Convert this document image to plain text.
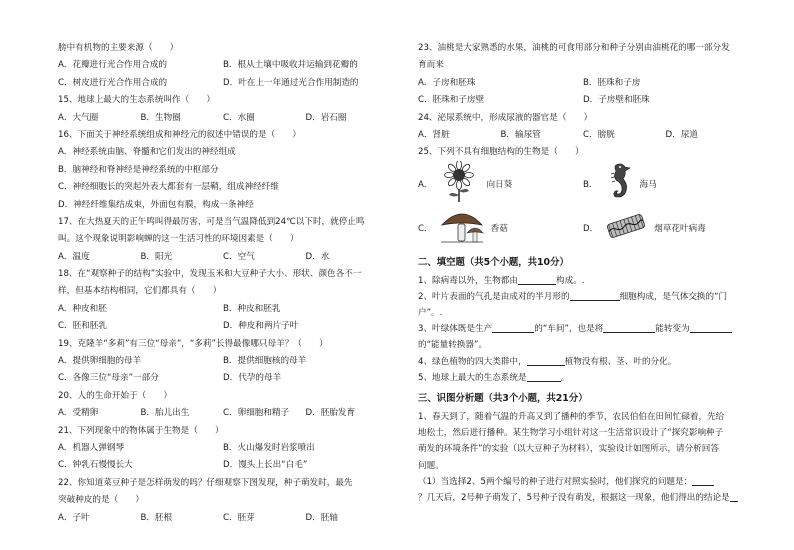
膀中有机物的主要来源（　　）
A．花瓣进行光合作用合成的	B．根从土壤中吸收并运输到花瓣的
C．树皮进行光合作用合成的	D．叶在上一年通过光合作用制造的
15、地球上最大的生态系统叫作（　　）
A．大气圈	B．生物圈	C．水圈	D．岩石圈
16、下面关于神经系统组成和神经元的叙述中错误的是（　　）
A．神经系统由脑、脊髓和它们发出的神经组成
B．脑神经和脊神经是神经系统的中枢部分
C．神经细胞长的突起外表大都套有一层鞘，组成神经纤维
D．神经纤维集结成束，外面包有膜，构成一条神经
17、在大热夏天的正午鸣叫得最厉害，可是当气温降低到24℃以下时，就停止鸣
叫。这个现象说明影响蝉的这一生活习性的环境因素是（　　）
A．温度	B．阳光	C．空气	D．水
18、在“观察种子的结构”实验中，发现玉米和大豆种子大小、形状、颜色各不一
样，但基本结构相同，它们都具有（　　）
A．种皮和胚	B．种皮和胚乳
C．胚和胚乳	D．种皮和两片子叶
19、克隆羊“多莉”有三位“母亲”，“多莉”长得最像哪只母羊？（　　）
A．提供卵细胞的母羊	B．提供细胞核的母羊
C．各像三位“母亲”一部分	D．代孕的母羊
20、人的生命开始于（　　）
A．受精卵	B．胎儿出生	C．卵细胞和精子	D．胚胎发育
21、下列现象中的物体属于生物是（　　）
A．机器人弹钢琴	B．火山爆发时岩浆喷出
C．钟乳石慢慢长大	D．馒头上长出“白毛”
22、你知道菜豆种子是怎样萌发的吗？仔细观察下图发现，种子萌发时，最先
突破种皮的是（　　）
A．子叶	B．胚根	C．胚芽	D．胚轴
23、油桃是大家熟悉的水果，油桃的可食用部分和种子分别由油桃花的哪一部分发
育而来
A．子房和胚珠	B．胚珠和子房
C．胚珠和子房壁	D．子房壁和胚珠
24、泌尿系统中，形成尿液的器官是（　　）
A．肾脏	B．输尿管	C．膀胱	D．尿道
25、下列不具有细胞结构的生物是（　　）
A．	向日葵	B．	海马
C．	香菇	D．	烟草花叶病毒
二、填空题（共5个小题，共10分）
1、除病毒以外，生物都由	构成。.
2、叶片表面的气孔是由成对的半月形的	细胞构成，是气体交换的“门
户”。.
3、叶绿体既是生产	的“车间”，也是将	能转变为
的“能量转换器”。
4、绿色植物的四大类群中，	植物没有根、茎、叶的分化。
5、地球上最大的生态系统是	。
三、识图分析题（共3个小题，共21分）
1、春天到了，随着气温的升高又到了播种的季节，农民伯伯在田间忙碌着，先给
地松土，然后进行播种。某生物学习小组针对这一生活常识设计了“探究影响种子
萌发的环境条件”的实验（以大豆种子为材料），实验设计如图所示，请分析回答
问题。
（1）当选择2、5两个编号的种子进行对照实验时，他们探究的问题是：
？几天后，2号种子萌发了，5号种子没有萌发，根据这一现象，他们得出的结论是
